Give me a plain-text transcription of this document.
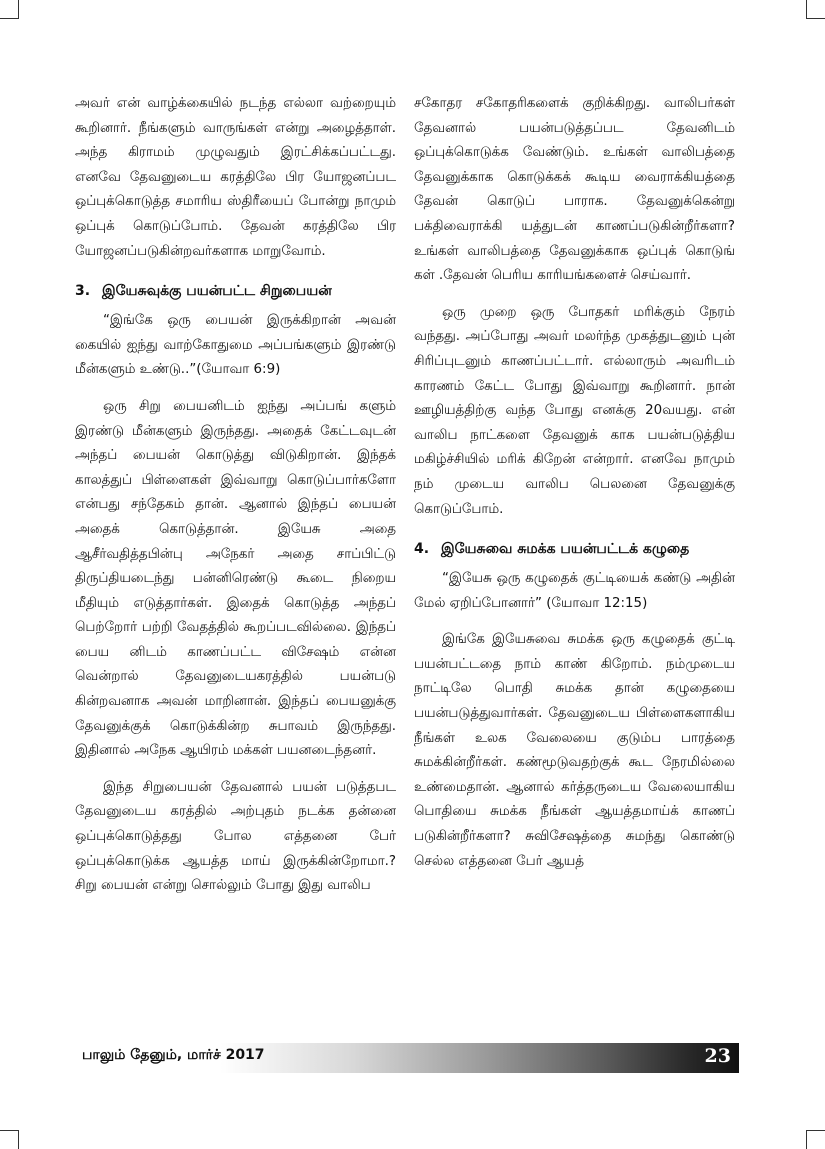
அவர் என் வாழ்க்கையில் நடந்த எல்லா வற்றையும் கூறினார். நீங்களும் வாருங்கள் என்று அழைத்தாள். அந்த கிராமம் முழுவதும் இரட்சிக்கப்பட்டது. எனவே தேவனுடைய கரத்திலே பிர யோஜனப்பட ஒப்புக்கொடுத்த சமாரிய ஸ்திரீயைப் போன்று நாமும் ஒப்புக் கொடுப்போம். தேவன் கரத்திலே பிர யோஜனப்படுகின்றவர்களாக மாறுவோம்.

3. இயேசுவுக்கு பயன்பட்ட சிறுபையன்

“இங்கே ஒரு பையன் இருக்கிறான் அவன் கையில் ஐந்து வாற்கோதுமை அப்பங்களும் இரண்டு மீன்களும் உண்டு..”(யோவா 6:9)

ஒரு சிறு பையனிடம் ஐந்து அப்பங் களும் இரண்டு மீன்களும் இருந்தது. அதைக் கேட்டவுடன் அந்தப் பையன் கொடுத்து விடுகிறான். இந்தக் காலத்துப் பிள்ளைகள் இவ்வாறு கொடுப்பார்களோ என்பது சந்தேகம் தான். ஆனால் இந்தப் பையன் அதைக் கொடுத்தான். இயேசு அதை ஆசீர்வதித்தபின்பு அநேகர் அதை சாப்பிட்டு திருப்தியடைந்து பன்னிரெண்டு கூடை நிறைய மீதியும் எடுத்தார்கள். இதைக் கொடுத்த அந்தப் பெற்றோர் பற்றி வேதத்தில் கூறப்படவில்லை. இந்தப் பைய னிடம் காணப்பட்ட விசேஷம் என்ன வென்றால் தேவனுடையகரத்தில் பயன்படு கின்றவனாக அவன் மாறினான். இந்தப் பையனுக்கு தேவனுக்குக் கொடுக்கின்ற சுபாவம் இருந்தது. இதினால் அநேக ஆயிரம் மக்கள் பயனடைந்தனர்.

இந்த சிறுபையன் தேவனால் பயன் படுத்தபட தேவனுடைய கரத்தில் அற்புதம் நடக்க தன்னை ஒப்புக்கொடுத்தது போல எத்தனை பேர் ஒப்புக்கொடுக்க ஆயத்த மாய் இருக்கின்றோமா.? சிறு பையன் என்று சொல்லும் போது இது வாலிப

சகோதர சகோதரிகளைக் குறிக்கிறது. வாலிபர்கள் தேவனால் பயன்படுத்தப்பட தேவனிடம் ஒப்புக்கொடுக்க வேண்டும். உங்கள் வாலிபத்தை தேவனுக்காக கொடுக்கக் கூடிய வைராக்கியத்தை தேவன் கொடுப் பாராக. தேவனுக்கென்று பக்திவைராக்கி யத்துடன் காணப்படுகின்றீர்களா? உங்கள் வாலிபத்தை தேவனுக்காக ஒப்புக் கொடுங் கள் .தேவன் பெரிய காரியங்களைச் செய்வார்.

ஒரு முறை ஒரு போதகர் மரிக்கும் நேரம் வந்தது. அப்போது அவர் மலர்ந்த முகத்துடனும் புன் சிரிப்புடனும் காணப்பட்டார். எல்லாரும் அவரிடம் காரணம் கேட்ட போது இவ்வாறு கூறினார். நான் ஊழியத்திற்கு வந்த போது எனக்கு 20வயது. என் வாலிப நாட்களை தேவனுக் காக பயன்படுத்திய மகிழ்ச்சியில் மரிக் கிறேன் என்றார். எனவே நாமும் நம் முடைய வாலிப பெலனை தேவனுக்கு கொடுப்போம்.

4. இயேசுவை சுமக்க பயன்பட்டக் கழுதை

“இயேசு ஒரு கழுதைக் குட்டியைக் கண்டு அதின் மேல் ஏறிப்போனார்” (யோவா 12:15)

இங்கே இயேசுவை சுமக்க ஒரு கழுதைக் குட்டி பயன்பட்டதை நாம் காண் கிறோம். நம்முடைய நாட்டிலே பொதி சுமக்க தான் கழுதையை பயன்படுத்துவார்கள். தேவனுடைய பிள்ளைகளாகிய நீங்கள் உலக வேலையை குடும்ப பாரத்தை சுமக்கின்றீர்கள். கண்மூடுவதற்குக் கூட நேரமில்லை உண்மைதான். ஆனால் கர்த்தருடைய வேலையாகிய பொதியை சுமக்க நீங்கள் ஆயத்தமாய்க் காணப் படுகின்றீர்களா? சுவிசேஷத்தை சுமந்து கொண்டு செல்ல எத்தனை பேர் ஆயத்

பாலும் தேனும், மார்ச் 2017	23
